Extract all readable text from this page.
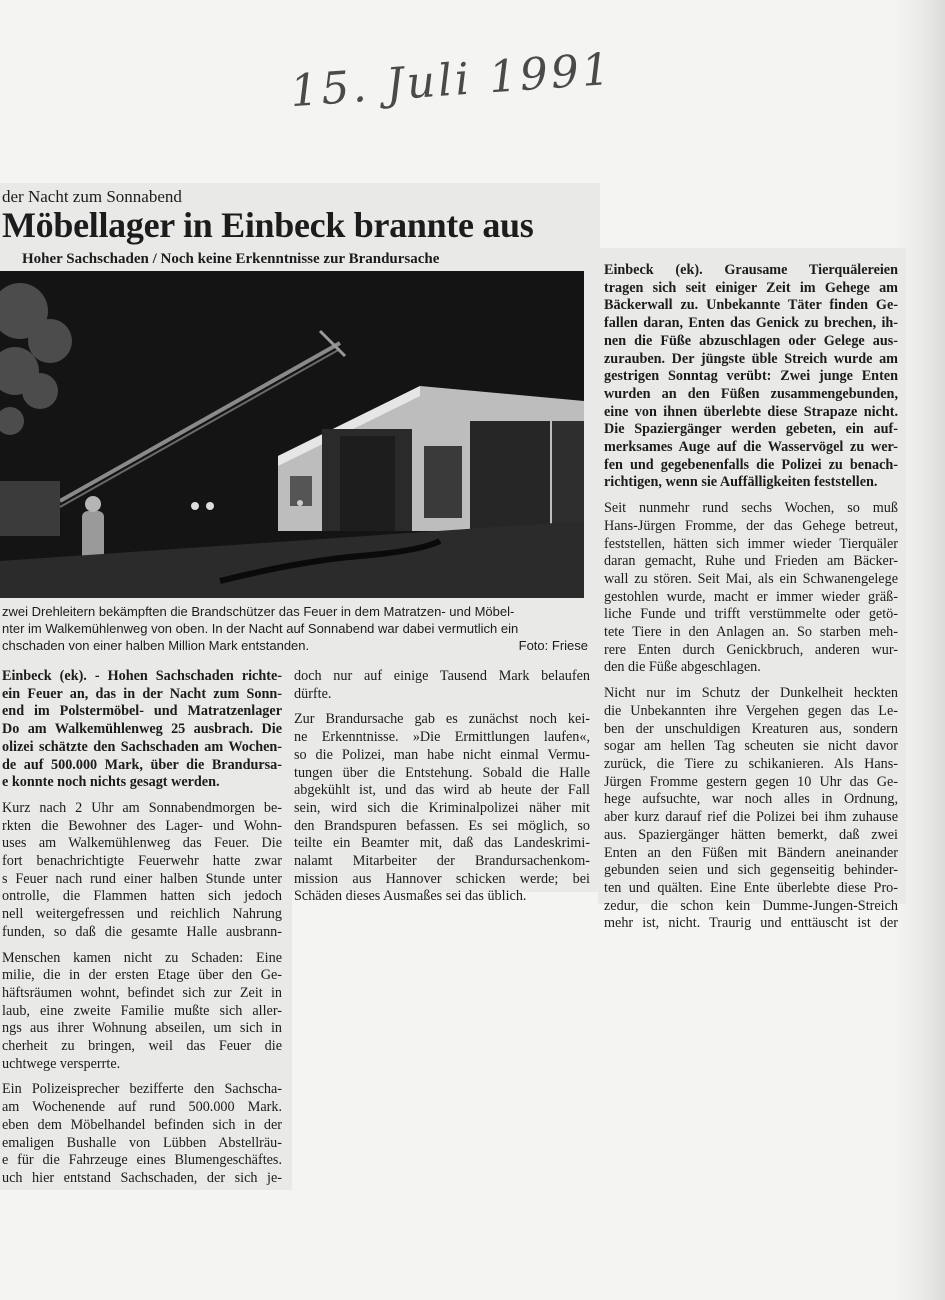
15. Juli 1991
der Nacht zum Sonnabend
Möbellager in Einbeck brannte aus
Hoher Sachschaden / Noch keine Erkenntnisse zur Brandursache
zwei Drehleitern bekämpften die Brandschützer das Feuer in dem Matratzen- und Möbel-
nter im Walkemühlenweg von oben. In der Nacht auf Sonnabend war dabei vermutlich ein
chschaden von einer halben Million Mark entstanden.	Foto: Friese
Einbeck (ek). - Hohen Sachschaden richte-
ein Feuer an, das in der Nacht zum Sonn-
end im Polstermöbel- und Matratzenlager
Do am Walkemühlenweg 25 ausbrach. Die
olizei schätzte den Sachschaden am Wochen-
de auf 500.000 Mark, über die Brandursa-
e konnte noch nichts gesagt werden.
Kurz nach 2 Uhr am Sonnabendmorgen be-
rkten die Bewohner des Lager- und Wohn-
uses am Walkemühlenweg das Feuer. Die
fort benachrichtigte Feuerwehr hatte zwar
s Feuer nach rund einer halben Stunde unter
ontrolle, die Flammen hatten sich jedoch
nell weitergefressen und reichlich Nahrung
funden, so daß die gesamte Halle ausbrann-
Menschen kamen nicht zu Schaden: Eine
milie, die in der ersten Etage über den Ge-
häftsräumen wohnt, befindet sich zur Zeit in
laub, eine zweite Familie mußte sich aller-
ngs aus ihrer Wohnung abseilen, um sich in
cherheit zu bringen, weil das Feuer die
uchtwege versperrte.
Ein Polizeisprecher bezifferte den Sachscha-
am Wochenende auf rund 500.000 Mark.
eben dem Möbelhandel befinden sich in der
emaligen Bushalle von Lübben Abstellräu-
e für die Fahrzeuge eines Blumengeschäftes.
uch hier entstand Sachschaden, der sich je-
doch nur auf einige Tausend Mark belaufen
dürfte.
Zur Brandursache gab es zunächst noch kei-
ne Erkenntnisse. »Die Ermittlungen laufen«,
so die Polizei, man habe nicht einmal Vermu-
tungen über die Entstehung. Sobald die Halle
abgekühlt ist, und das wird ab heute der Fall
sein, wird sich die Kriminalpolizei näher mit
den Brandspuren befassen. Es sei möglich, so
teilte ein Beamter mit, daß das Landeskrimi-
nalamt Mitarbeiter der Brandursachenkom-
mission aus Hannover schicken werde; bei
Schäden dieses Ausmaßes sei das üblich.
Einbeck (ek). Grausame Tierquälereien
tragen sich seit einiger Zeit im Gehege am
Bäckerwall zu. Unbekannte Täter finden Ge-
fallen daran, Enten das Genick zu brechen, ih-
nen die Füße abzuschlagen oder Gelege aus-
zurauben. Der jüngste üble Streich wurde am
gestrigen Sonntag verübt: Zwei junge Enten
wurden an den Füßen zusammengebunden,
eine von ihnen überlebte diese Strapaze nicht.
Die Spaziergänger werden gebeten, ein auf-
merksames Auge auf die Wasservögel zu wer-
fen und gegebenenfalls die Polizei zu benach-
richtigen, wenn sie Auffälligkeiten feststellen.
Seit nunmehr rund sechs Wochen, so muß
Hans-Jürgen Fromme, der das Gehege betreut,
feststellen, hätten sich immer wieder Tierquäler
daran gemacht, Ruhe und Frieden am Bäcker-
wall zu stören. Seit Mai, als ein Schwanengelege
gestohlen wurde, macht er immer wieder gräß-
liche Funde und trifft verstümmelte oder getö-
tete Tiere in den Anlagen an. So starben meh-
rere Enten durch Genickbruch, anderen wur-
den die Füße abgeschlagen.
Nicht nur im Schutz der Dunkelheit heckten
die Unbekannten ihre Vergehen gegen das Le-
ben der unschuldigen Kreaturen aus, sondern
sogar am hellen Tag scheuten sie nicht davor
zurück, die Tiere zu schikanieren. Als Hans-
Jürgen Fromme gestern gegen 10 Uhr das Ge-
hege aufsuchte, war noch alles in Ordnung,
aber kurz darauf rief die Polizei bei ihm zuhause
aus. Spaziergänger hätten bemerkt, daß zwei
Enten an den Füßen mit Bändern aneinander
gebunden seien und sich gegenseitig behinder-
ten und quälten. Eine Ente überlebte diese Pro-
zedur, die schon kein Dumme-Jungen-Streich
mehr ist, nicht. Traurig und enttäuscht ist der
